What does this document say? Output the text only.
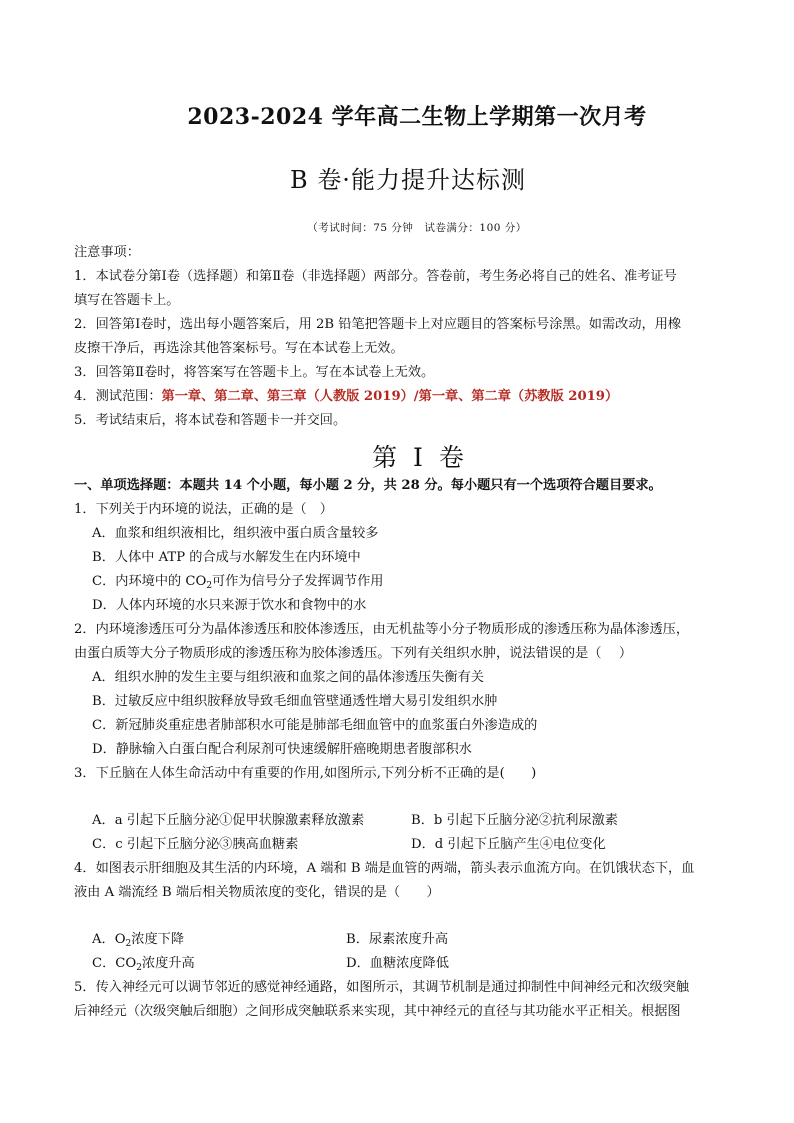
2023-2024 学年高二生物上学期第一次月考
B 卷·能力提升达标测
（考试时间：75 分钟　试卷满分：100 分）
注意事项：
1．本试卷分第Ⅰ卷（选择题）和第Ⅱ卷（非选择题）两部分。答卷前，考生务必将自己的姓名、准考证号
填写在答题卡上。
2．回答第Ⅰ卷时，选出每小题答案后，用 2B 铅笔把答题卡上对应题目的答案标号涂黑。如需改动，用橡
皮擦干净后，再选涂其他答案标号。写在本试卷上无效。
3．回答第Ⅱ卷时，将答案写在答题卡上。写在本试卷上无效。
4．测试范围：第一章、第二章、第三章（人教版 2019）/第一章、第二章（苏教版 2019）
5．考试结束后，将本试卷和答题卡一并交回。
第 I 卷
一、单项选择题：本题共 14 个小题，每小题 2 分，共 28 分。每小题只有一个选项符合题目要求。
1．下列关于内环境的说法，正确的是（　）
A．血浆和组织液相比，组织液中蛋白质含量较多
B．人体中 ATP 的合成与水解发生在内环境中
C．内环境中的 $CO_2$可作为信号分子发挥调节作用
D．人体内环境的水只来源于饮水和食物中的水
2．内环境渗透压可分为晶体渗透压和胶体渗透压，由无机盐等小分子物质形成的渗透压称为晶体渗透压，
由蛋白质等大分子物质形成的渗透压称为胶体渗透压。下列有关组织水肿，说法错误的是（　 ）
A．组织水肿的发生主要与组织液和血浆之间的晶体渗透压失衡有关
B．过敏反应中组织胺释放导致毛细血管壁通透性增大易引发组织水肿
C．新冠肺炎重症患者肺部积水可能是肺部毛细血管中的血浆蛋白外渗造成的
D．静脉输入白蛋白配合利尿剂可快速缓解肝癌晚期患者腹部积水
3．下丘脑在人体生命活动中有重要的作用,如图所示,下列分析不正确的是(　　)
A．a 引起下丘脑分泌①促甲状腺激素释放激素	B．b 引起下丘脑分泌②抗利尿激素
C．c 引起下丘脑分泌③胰高血糖素	D．d 引起下丘脑产生④电位变化
4．如图表示肝细胞及其生活的内环境，A 端和 B 端是血管的两端，箭头表示血流方向。在饥饿状态下，血
液由 A 端流经 B 端后相关物质浓度的变化，错误的是（　　）
A．$O_2$浓度下降	B．尿素浓度升高
C．$CO_2$浓度升高	D．血糖浓度降低
5．传入神经元可以调节邻近的感觉神经通路，如图所示，其调节机制是通过抑制性中间神经元和次级突触
后神经元（次级突触后细胞）之间形成突触联系来实现，其中神经元的直径与其功能水平正相关。根据图
